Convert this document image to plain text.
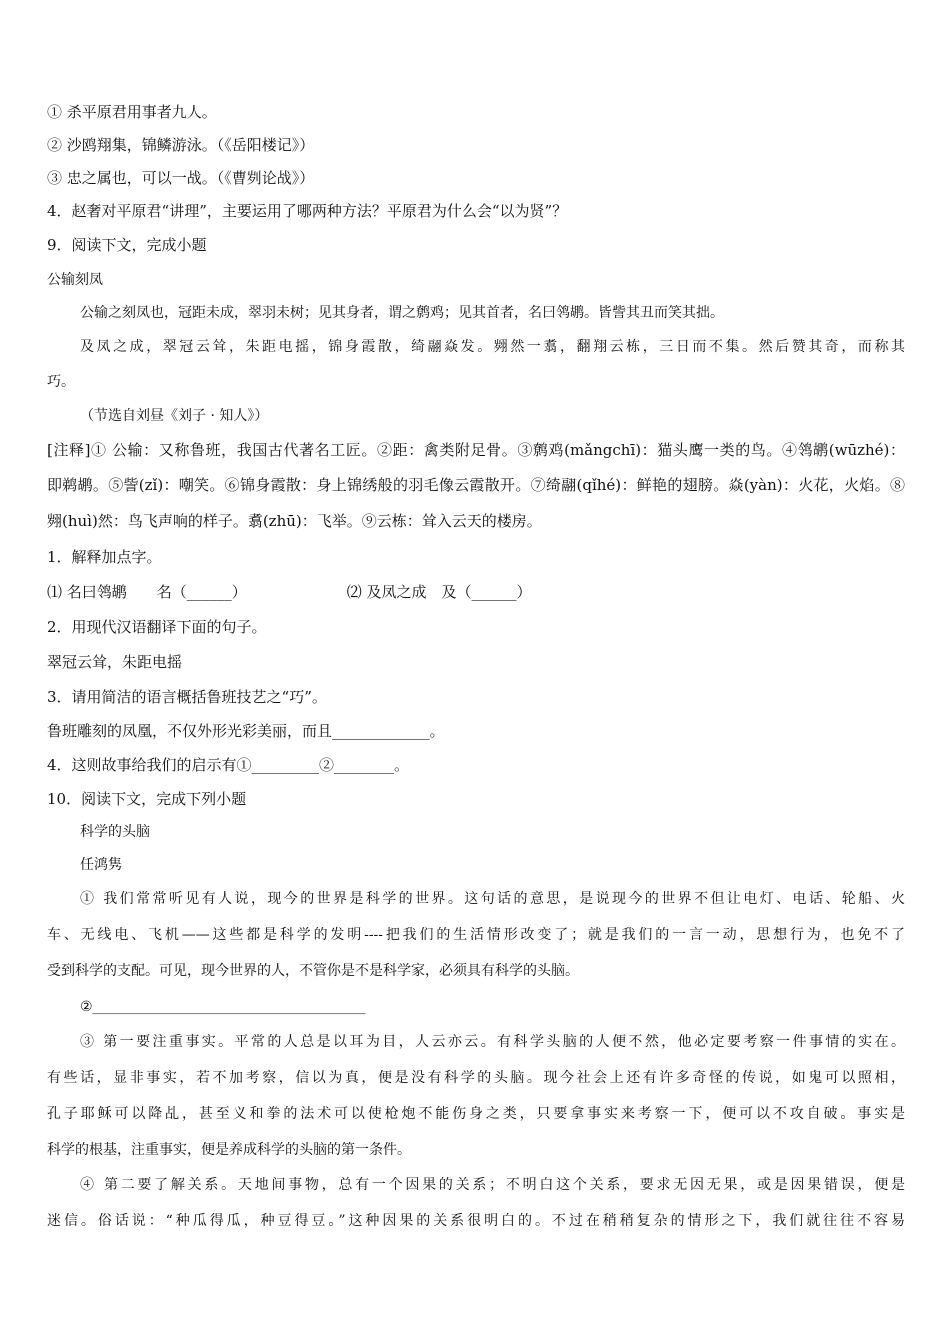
① 杀平原君用事者九人。
② 沙鸥翔集，锦鳞游泳。（《岳阳楼记》）
③ 忠之属也，可以一战。（《曹刿论战》）
4．赵奢对平原君“讲理”，主要运用了哪两种方法？平原君为什么会“以为贤”？
9．阅读下文，完成小题
公输刻凤
公输之刻凤也，冠距未成，翠羽未树；见其身者，谓之鹩鸡；见其首者，名曰鸰鹕。皆訾其丑而笑其拙。
及凤之成，翠冠云耸，朱距电摇，锦身霞散，绮翮焱发。翙然一翥，翻翔云栋，三日而不集。然后赞其奇，而称其
巧。
（节选自刘昼《刘子 · 知人》）
[注释]① 公输：又称鲁班，我国古代著名工匠。②距：禽类附足骨。③鹩鸡(mǎngchī)：猫头鹰一类的鸟。④鸰鹕(wūzhé)：
即鹈鹕。⑤訾(zǐ)：嘲笑。⑥锦身霞散：身上锦绣般的羽毛像云霞散开。⑦绮翮(qǐhé)：鲜艳的翅膀。焱(yàn)：火花，火焰。⑧
翙(huì)然：鸟飞声响的样子。翥(zhū)：飞举。⑨云栋：耸入云天的楼房。
1．解释加点字。
⑴ 名曰鸰鹕　　名（______）	⑵ 及凤之成　及（______）
2．用现代汉语翻译下面的句子。
翠冠云耸，朱距电摇
3．请用简洁的语言概括鲁班技艺之“巧”。
鲁班雕刻的凤凰，不仅外形光彩美丽，而且_____________。
4．这则故事给我们的启示有①_________②________。
10．阅读下文，完成下列小题
科学的头脑
任鸿隽
① 我们常常听见有人说，现今的世界是科学的世界。这句话的意思，是说现今的世界不但让电灯、电话、轮船、火
车、无线电、飞机——这些都是科学的发明----把我们的生活情形改变了；就是我们的一言一动，思想行为，也免不了
受到科学的支配。可见，现今世界的人，不管你是不是科学家，必须具有科学的头脑。
②_______________________________________
③ 第一要注重事实。平常的人总是以耳为目，人云亦云。有科学头脑的人便不然，他必定要考察一件事情的实在。
有些话，显非事实，若不加考察，信以为真，便是没有科学的头脑。现今社会上还有许多奇怪的传说，如鬼可以照相，
孔子耶稣可以降乩，甚至义和拳的法术可以使枪炮不能伤身之类，只要拿事实来考察一下，便可以不攻自破。事实是
科学的根基，注重事实，便是养成科学的头脑的第一条件。
④ 第二要了解关系。天地间事物，总有一个因果的关系；不明白这个关系，要求无因无果，或是因果错误，便是
迷信。俗话说：“种瓜得瓜，种豆得豆。”这种因果的关系很明白的。不过在稍稍复杂的情形之下，我们就往往不容易
